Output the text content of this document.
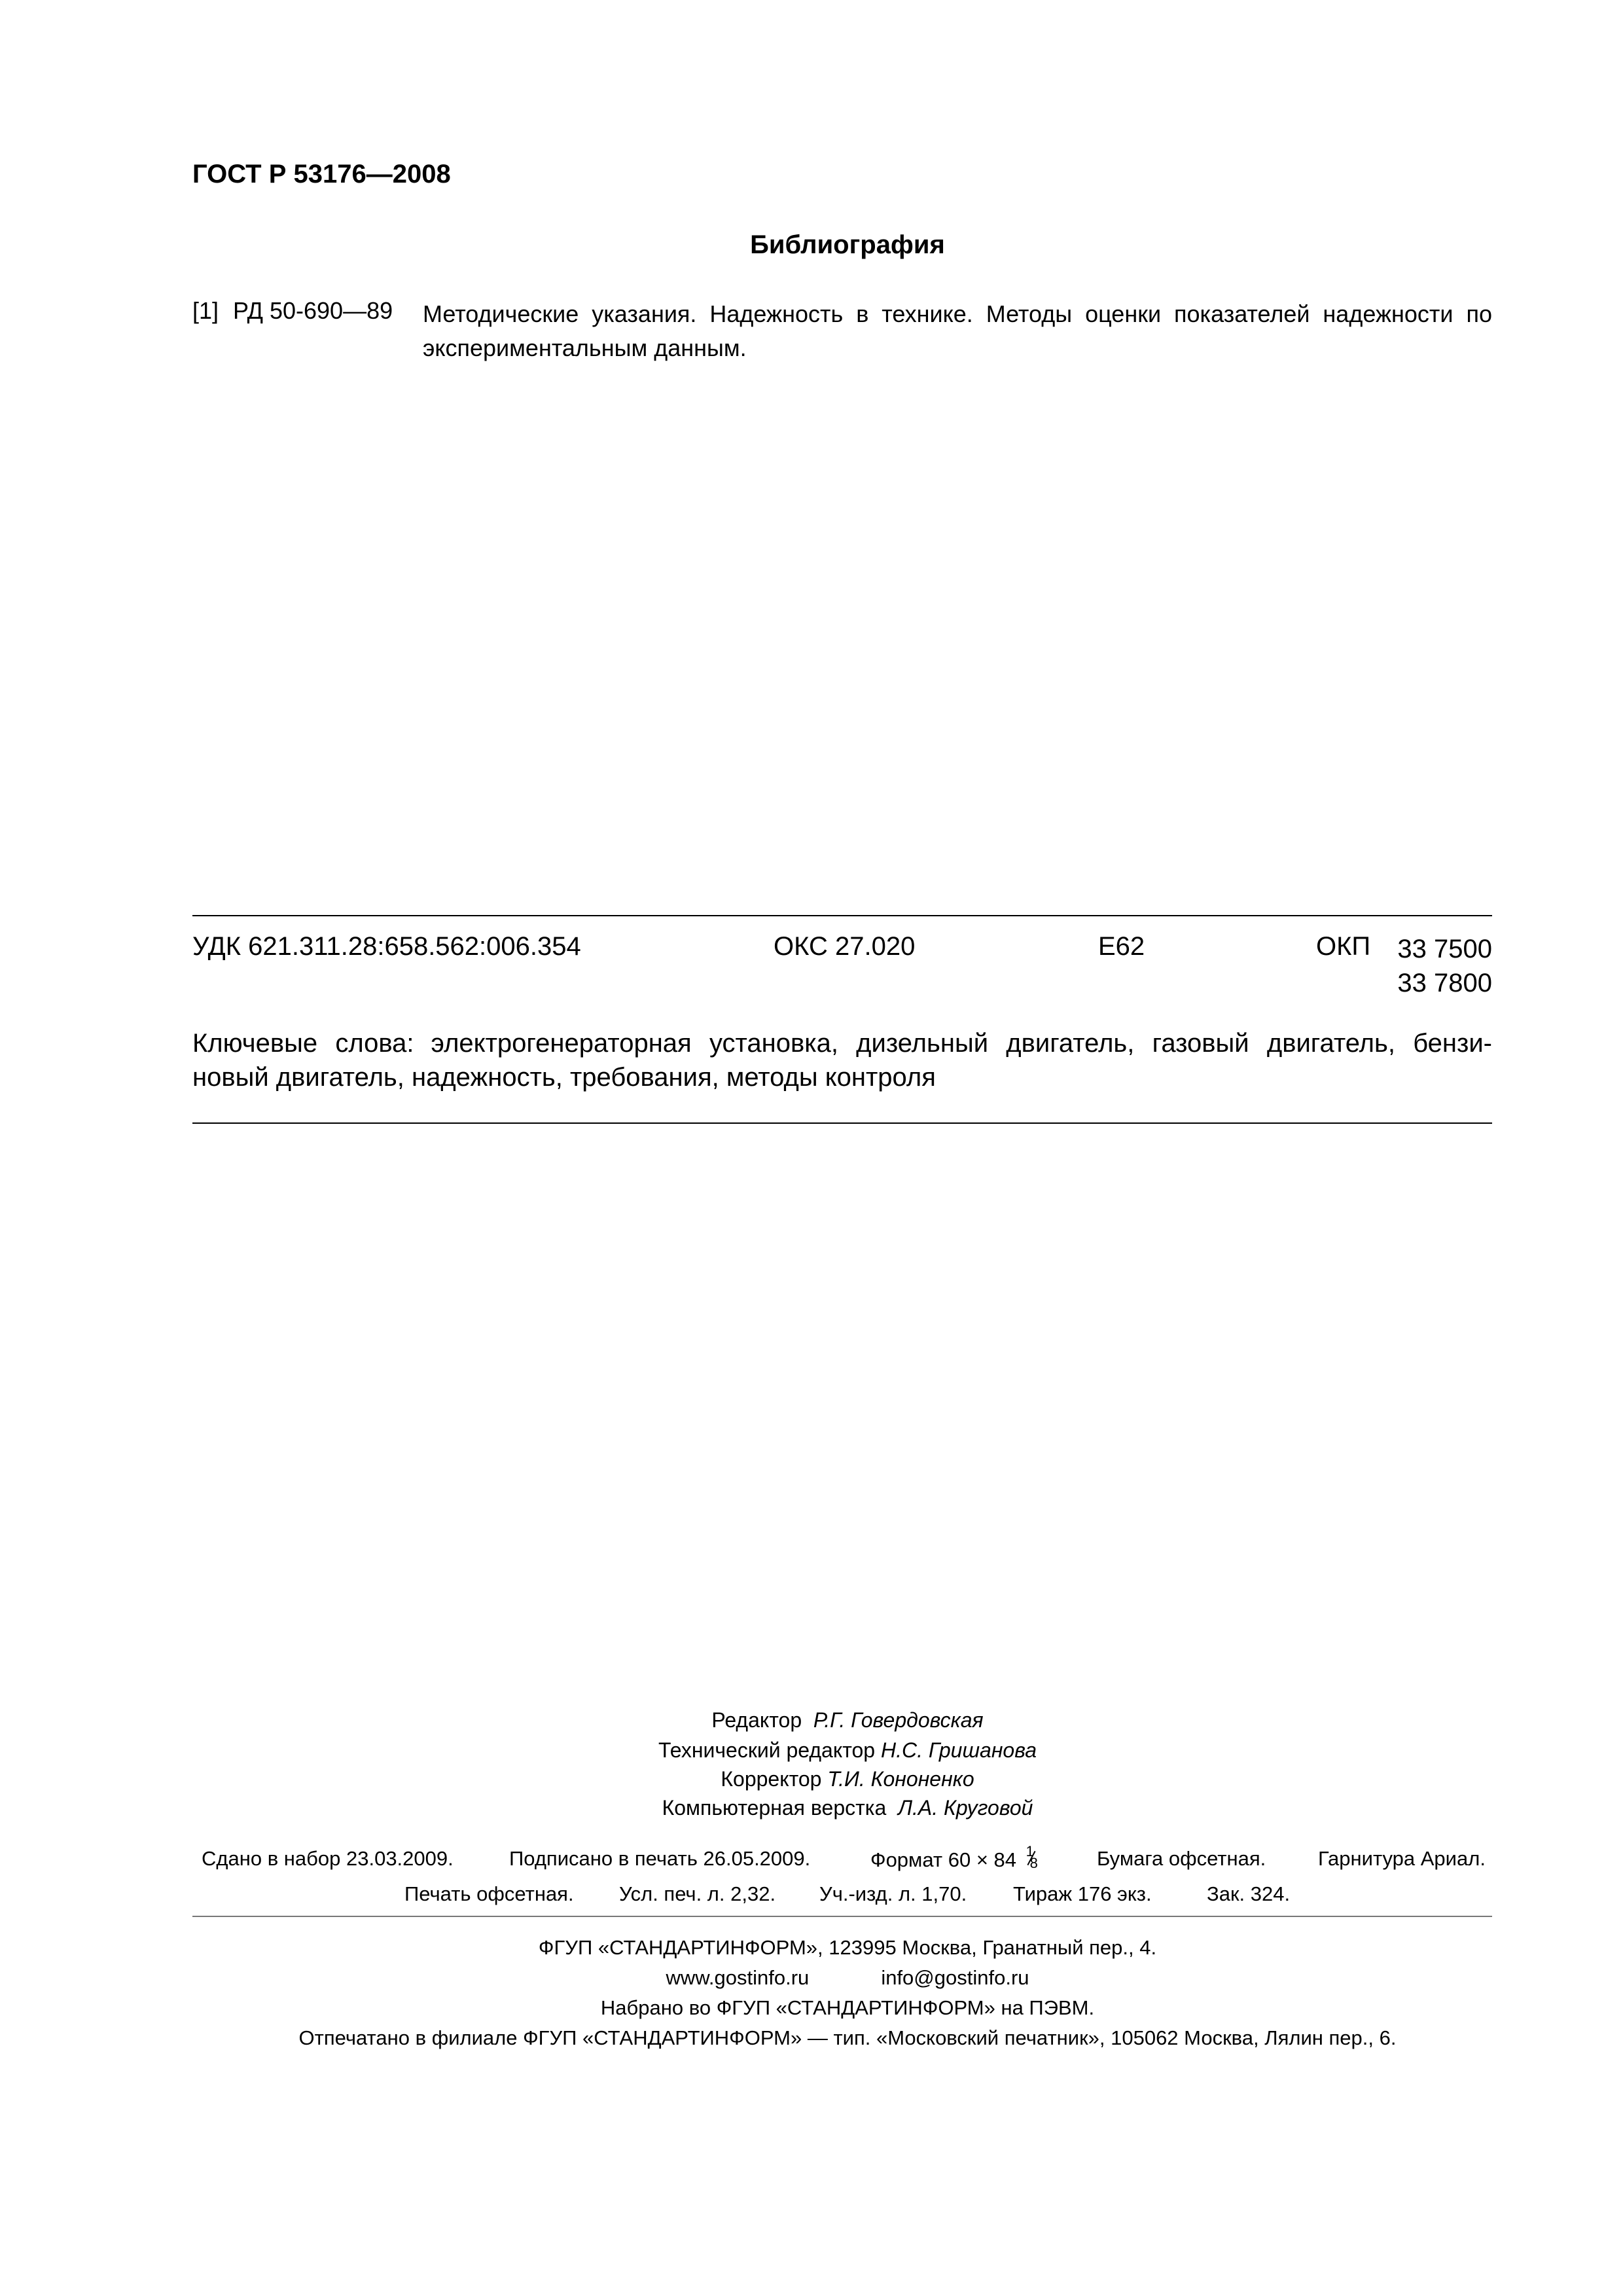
ГОСТ Р 53176—2008
Библиография
[1] РД 50-690—89 Методические указания. Надежность в технике. Методы оценки показателей надежности по
экспериментальным данным.
УДК 621.311.28:658.562:006.354	ОКС 27.020	Е62	ОКП 33 7500
33 7800
Ключевые слова: электрогенераторная установка, дизельный двигатель, газовый двигатель, бензи-
новый двигатель, надежность, требования, методы контроля
Редактор Р.Г. Говердовская
Технический редактор Н.С. Гришанова
Корректор Т.И. Кононенко
Компьютерная верстка Л.А. Круговой
Сдано в набор 23.03.2009.	Подписано в печать 26.05.2009.	Формат 60 × 84 1
8	Бумага офсетная.	Гарнитура Ариал.
Печать офсетная. Усл. печ. л. 2,32. Уч.-изд. л. 1,70. Тираж 176 экз.	Зак. 324.
ФГУП «СТАНДАРТИНФОРМ», 123995 Москва, Гранатный пер., 4.
www.gostinfo.ru	info@gostinfo.ru
Набрано во ФГУП «СТАНДАРТИНФОРМ» на ПЭВМ.
Отпечатано в филиале ФГУП «СТАНДАРТИНФОРМ» — тип. «Московский печатник», 105062 Москва, Лялин пер., 6.
